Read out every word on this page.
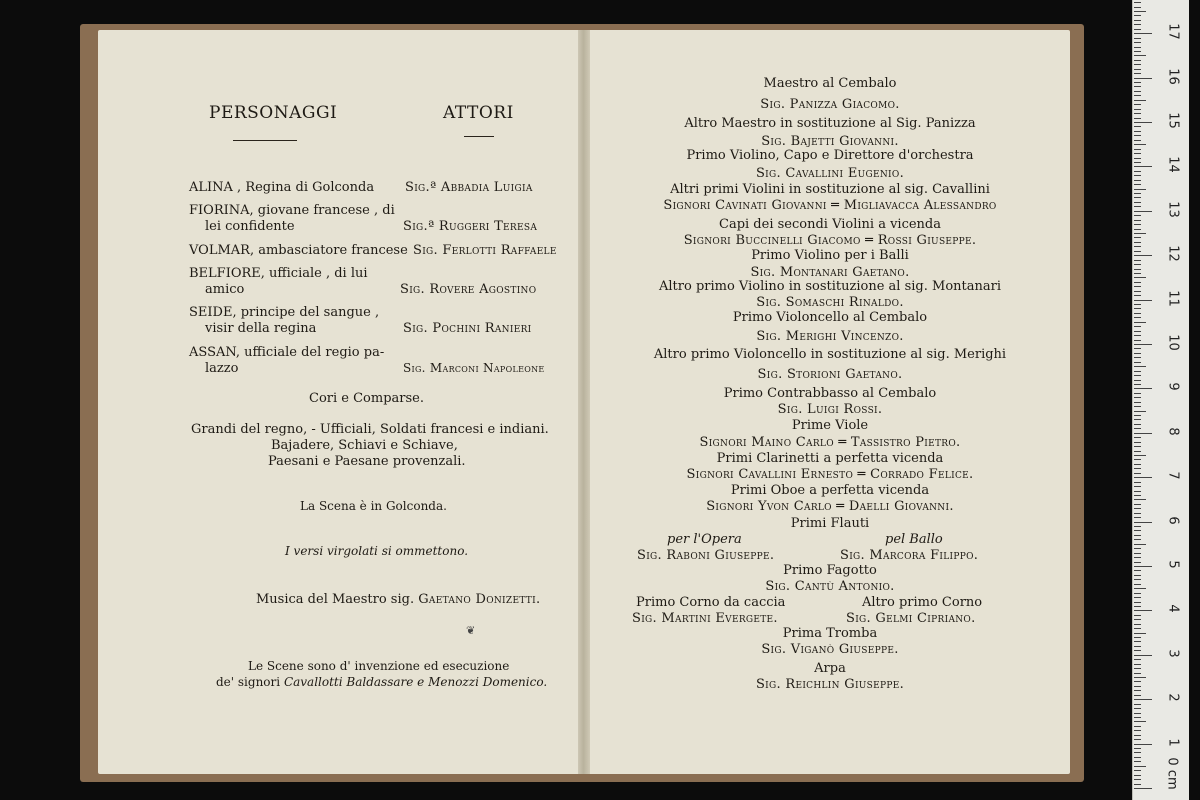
PERSONAGGI	ATTORI
ALINA , Regina di Golconda Sig.ª Abbadia Luigia
FIORINA, giovane francese , di
lei confidente	Sig.ª Ruggeri Teresa
VOLMAR, ambasciatore francese Sig. Ferlotti Raffaele
BELFIORE, ufficiale , di lui
amico	Sig. Rovere Agostino
SEIDE, principe del sangue ,
visir della regina	Sig. Pochini Ranieri
ASSAN, ufficiale del regio pa-
lazzo	Sig. Marconi Napoleone
Cori e Comparse.
Grandi del regno, - Ufficiali, Soldati francesi e indiani.
Bajadere, Schiavi e Schiave,
Paesani e Paesane provenzali.
La Scena è in Golconda.
I versi virgolati si ommettono.
Musica del Maestro sig. Gaetano Donizetti.
❦
Le Scene sono d' invenzione ed esecuzione
de' signori Cavallotti Baldassare e Menozzi Domenico.
Maestro al Cembalo
Sig. Panizza Giacomo.
Altro Maestro in sostituzione al Sig. Panizza
Sig. Bajetti Giovanni.
Primo Violino, Capo e Direttore d'orchestra
Sig. Cavallini Eugenio.
Altri primi Violini in sostituzione al sig. Cavallini
Signori Cavinati Giovanni ═ Migliavacca Alessandro
Capi dei secondi Violini a vicenda
Signori Buccinelli Giacomo ═ Rossi Giuseppe.
Primo Violino per i Balli
Sig. Montanari Gaetano.
Altro primo Violino in sostituzione al sig. Montanari
Sig. Somaschi Rinaldo.
Primo Violoncello al Cembalo
Sig. Merighi Vincenzo.
Altro primo Violoncello in sostituzione al sig. Merighi
Sig. Storioni Gaetano.
Primo Contrabbasso al Cembalo
Sig. Luigi Rossi.
Prime Viole
Signori Maino Carlo ═ Tassistro Pietro.
Primi Clarinetti a perfetta vicenda
Signori Cavallini Ernesto ═ Corrado Felice.
Primi Oboe a perfetta vicenda
Signori Yvon Carlo ═ Daelli Giovanni.
Primi Flauti
per l'Opera	pel Ballo
Sig. Raboni Giuseppe.	Sig. Marcora Filippo.
Primo Fagotto
Sig. Cantù Antonio.
Primo Corno da caccia	Altro primo Corno
Sig. Martini Evergete.	Sig. Gelmi Cipriano.
Prima Tromba
Sig. Viganò Giuseppe.
Arpa
Sig. Reichlin Giuseppe.
0 cm
1
2
3
4
5
6
7
8
9
10
11
12
13
14
15
16
17
